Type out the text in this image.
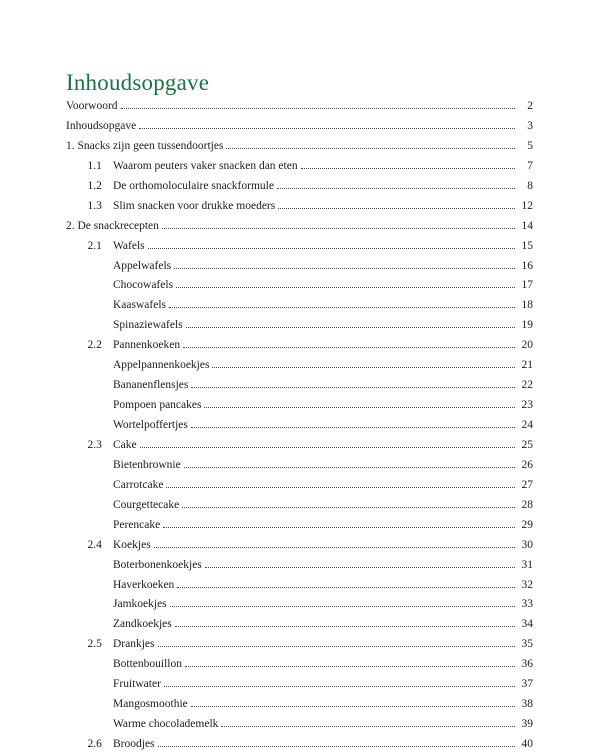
Inhoudsopgave
Voorwoord	2
Inhoudsopgave	3
1. Snacks zijn geen tussendoortjes	5
1.1 Waarom peuters vaker snacken dan eten	7
1.2 De orthomoloculaire snackformule	8
1.3 Slim snacken voor drukke moeders	12
2. De snackrecepten	14
2.1 Wafels	15
Appelwafels	16
Chocowafels	17
Kaaswafels	18
Spinaziewafels	19
2.2 Pannenkoeken	20
Appelpannenkoekjes	21
Bananenflensjes	22
Pompoen pancakes	23
Wortelpoffertjes	24
2.3 Cake	25
Bietenbrownie	26
Carrotcake	27
Courgettecake	28
Perencake	29
2.4 Koekjes	30
Boterbonenkoekjes	31
Haverkoeken	32
Jamkoekjes	33
Zandkoekjes	34
2.5 Drankjes	35
Bottenbouillon	36
Fruitwater	37
Mangosmoothie	38
Warme chocolademelk	39
2.6 Broodjes	40
